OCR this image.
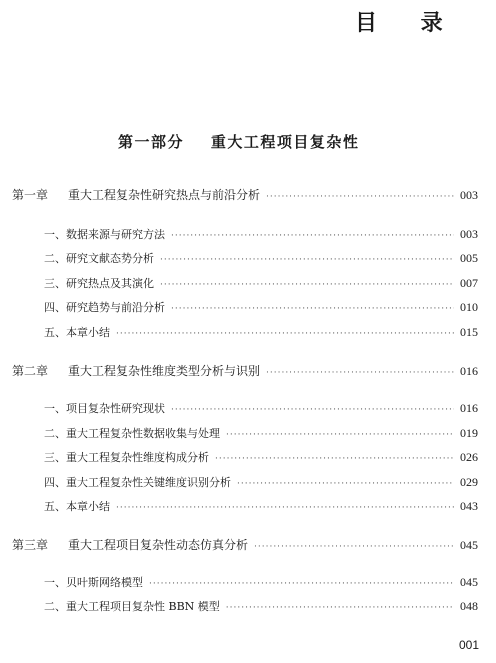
目 录
第一部分    重大工程项目复杂性
第一章	重大工程复杂性研究热点与前沿分析 ·····	003
一、数据来源与研究方法 ·····	003
二、研究文献态势分析 ·····	005
三、研究热点及其演化 ·····	007
四、研究趋势与前沿分析 ·····	010
五、本章小结 ·····	015
第二章	重大工程复杂性维度类型分析与识别 ·····	016
一、项目复杂性研究现状 ·····	016
二、重大工程复杂性数据收集与处理 ·····	019
三、重大工程复杂性维度构成分析 ·····	026
四、重大工程复杂性关键维度识别分析 ·····	029
五、本章小结 ·····	043
第三章	重大工程项目复杂性动态仿真分析 ·····	045
一、贝叶斯网络模型 ·····	045
二、重大工程项目复杂性 BBN 模型 ·····	048
001
